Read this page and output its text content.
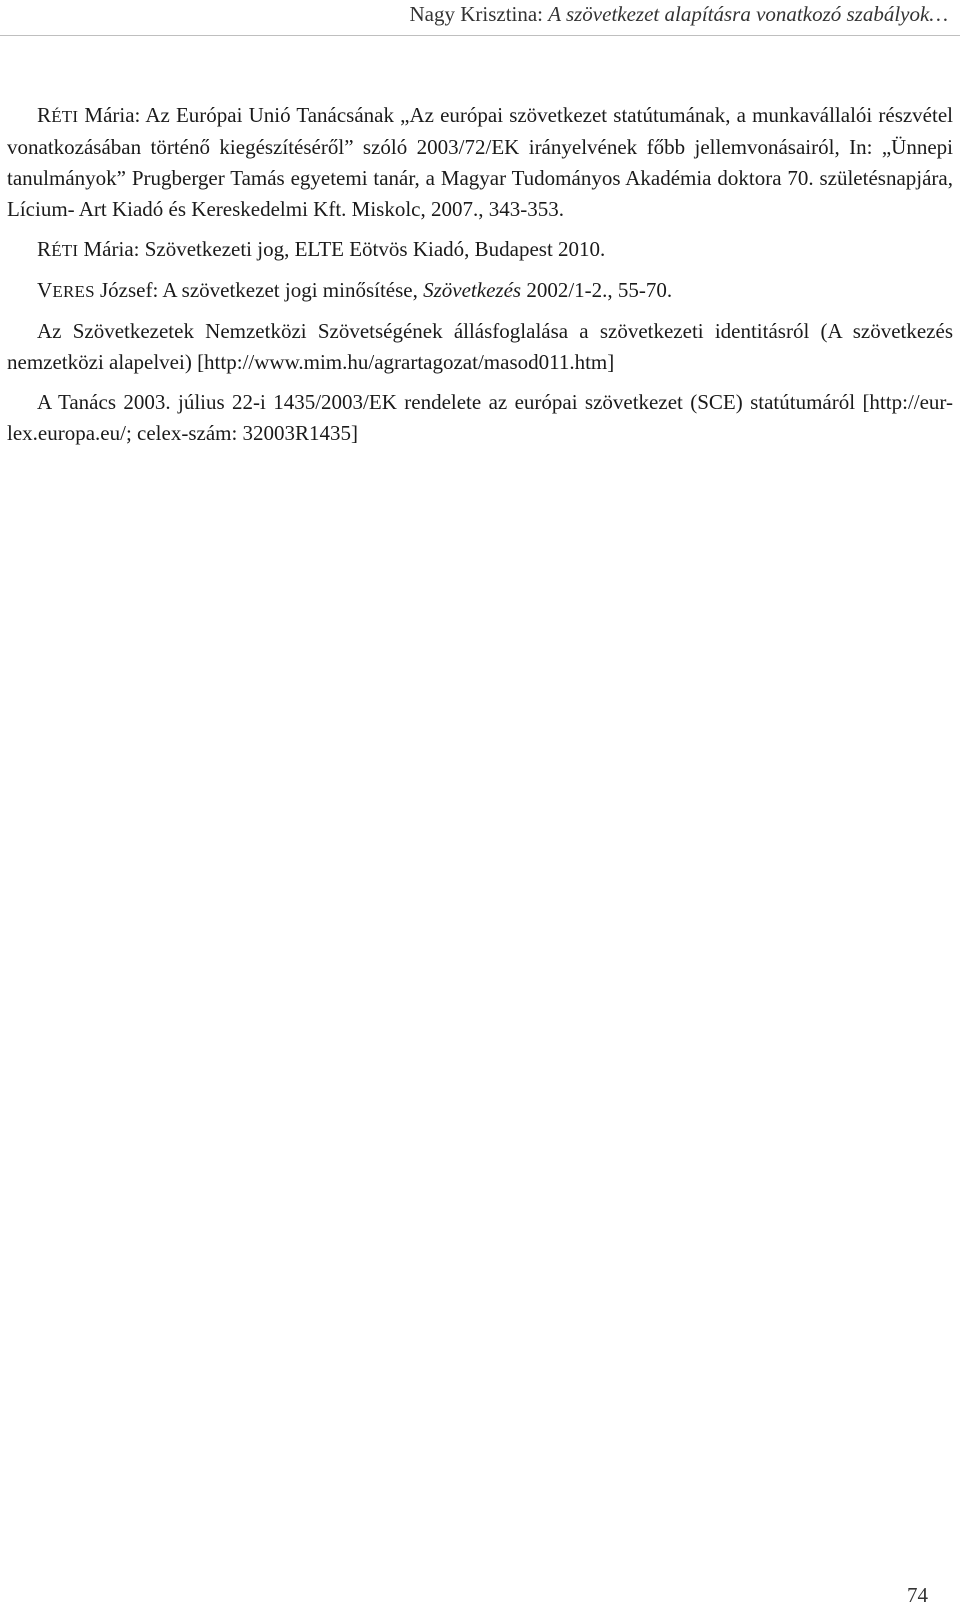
Nagy Krisztina: A szövetkezet alapításra vonatkozó szabályok…

RÉTI Mária: Az Európai Unió Tanácsának „Az európai szövetkezet statútumának, a munkavállalói részvétel vonatkozásában történő kiegészítéséről” szóló 2003/72/EK irányelvének főbb jellemvonásairól, In: „Ünnepi tanulmányok” Prugberger Tamás egyetemi tanár, a Magyar Tudományos Akadémia doktora 70. születésnapjára, Lícium- Art Kiadó és Kereskedelmi Kft. Miskolc, 2007., 343-353.

RÉTI Mária: Szövetkezeti jog, ELTE Eötvös Kiadó, Budapest 2010.

VERES József: A szövetkezet jogi minősítése, Szövetkezés 2002/1-2., 55-70.

Az Szövetkezetek Nemzetközi Szövetségének állásfoglalása a szövetkezeti identitásról (A szövetkezés nemzetközi alapelvei) [http://www.mim.hu/agrartagozat/masod011.htm]

A Tanács 2003. július 22-i 1435/2003/EK rendelete az európai szövetkezet (SCE) statútumáról [http://eur-lex.europa.eu/; celex-szám: 32003R1435]

74
